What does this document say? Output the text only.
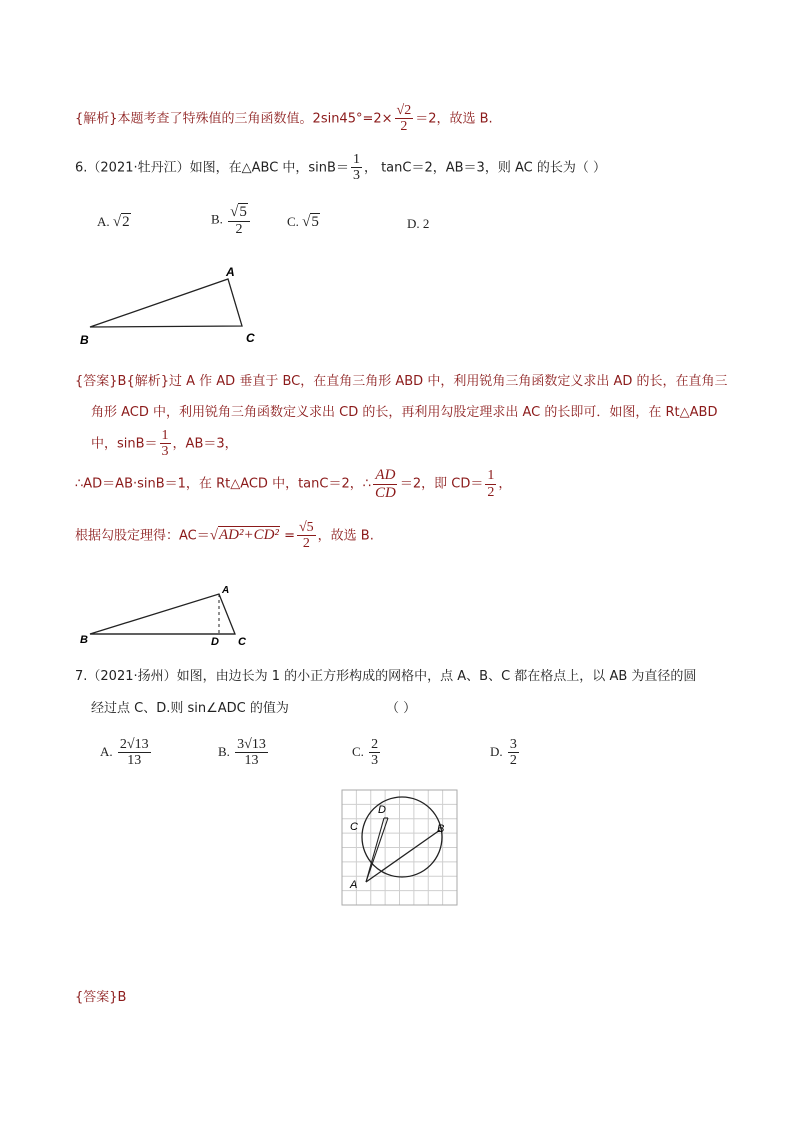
{解析}本题考查了特殊值的三角函数值。$2\sin 45^\circ=2\times \frac{√2}{2} =2$，故选 B.
6.（2021·牡丹江）如图，在△ABC 中，$\sin B= \frac{1}{3}$ ， tanC＝2，AB＝3，则 AC 的长为（ ）
A. √2	B. $\frac{√5}{2}$	C. √5	D. 2
A
B	C
{答案}B{解析}过 A 作 AD 垂直于 BC，在直角三角形 ABD 中，利用锐角三角函数定义求出 AD 的长，在直角三
角形 ACD 中，利用锐角三角函数定义求出 CD 的长，再利用勾股定理求出 AC 的长即可．如图，在 Rt△ABD
中，$\sin B= \frac{1}{3}$ ，AB＝3，
∴AD＝AB·sinB＝1，在 Rt△ACD 中，tanC＝2，∴ $\frac{AD}{CD} =2$，即 $CD= \frac{1}{2}$ ，
根据勾股定理得：$AC=√AD^2+CD^2 = \frac{√5}{2}$ ，故选 B.
A
B	D C
7.（2021·扬州）如图，由边长为 1 的小正方形构成的网格中，点 A、B、C 都在格点上，以 AB 为直径的圆
经过点 C、D.则 sin∠ADC 的值为	（ ）
A. $\frac{2√13}{13}$	B. $\frac{3√13}{13}$	C. $\frac{2}{3}$	D. $\frac{3}{2}$
A
B
C
D
{答案}B
